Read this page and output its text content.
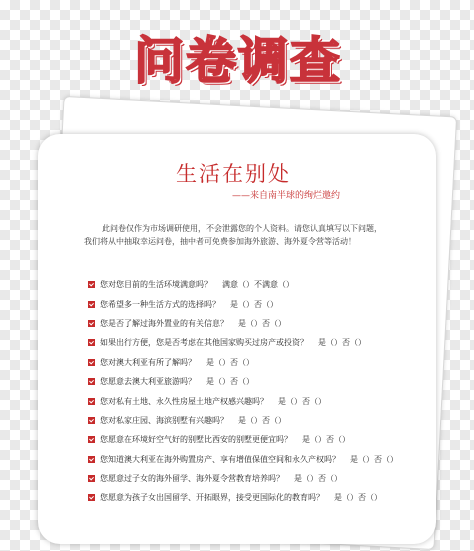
问卷调查
生活在别处
——来自南半球的绚烂邀约
此问卷仅作为市场调研使用，不会泄露您的个人资料。请您认真填写以下问题，
我们将从中抽取幸运问卷，抽中者可免费参加海外旅游、海外夏令营等活动！
您对您目前的生活环境满意吗？ 满意（）不满意（）
您希望多一种生活方式的选择吗？ 是（）否（）
您是否了解过海外置业的有关信息？ 是（）否（）
如果出行方便，您是否考虑在其他国家购买过房产或投资？ 是（）否（）
您对澳大利亚有所了解吗？ 是（）否（）
您愿意去澳大利亚旅游吗？ 是（）否（）
您对私有土地、永久性房屋土地产权感兴趣吗？ 是（）否（）
您对私家庄园、海滨别墅有兴趣吗？ 是（）否（）
您愿意在环境好空气好的别墅比西安的别墅更便宜吗？ 是（）否（）
您知道澳大利亚在海外购置房产、享有增值保值空间和永久产权吗？ 是（）否（）
您愿意过子女的海外留学、海外夏令营教育培养吗？ 是（）否（）
您愿意为孩子女出国留学、开拓眼界，接受更国际化的教育吗？ 是（）否（）
